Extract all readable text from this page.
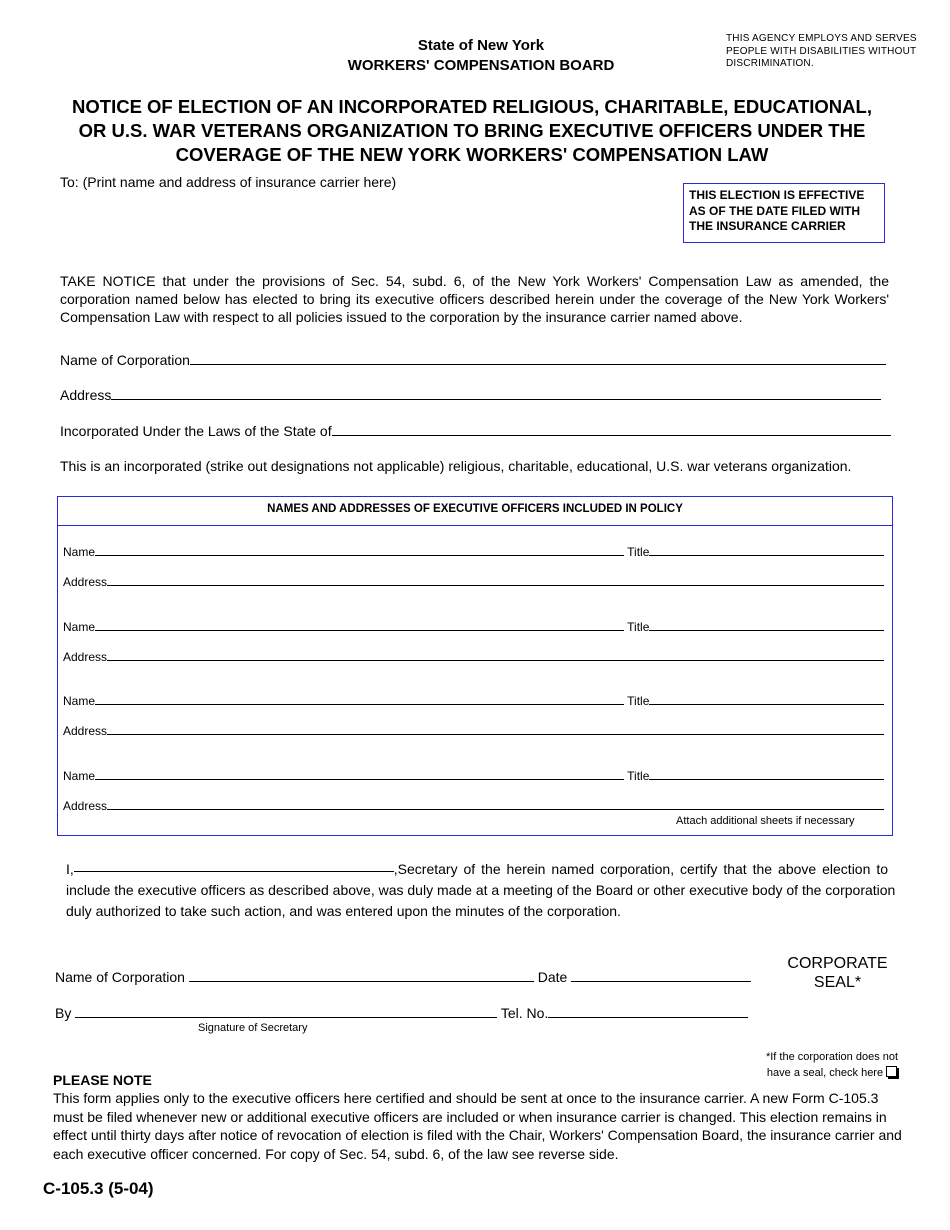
State of New York
WORKERS' COMPENSATION BOARD
THIS AGENCY EMPLOYS AND SERVES
PEOPLE WITH DISABILITIES WITHOUT
DISCRIMINATION.
NOTICE OF ELECTION OF AN INCORPORATED RELIGIOUS, CHARITABLE, EDUCATIONAL,
OR U.S. WAR VETERANS ORGANIZATION TO BRING EXECUTIVE OFFICERS UNDER THE
COVERAGE OF THE NEW YORK WORKERS' COMPENSATION LAW
To: (Print name and address of insurance carrier here)
THIS ELECTION IS EFFECTIVE
AS OF THE DATE FILED WITH
THE INSURANCE CARRIER
TAKE NOTICE that under the provisions of Sec. 54, subd. 6, of the New York Workers' Compensation Law as amended, the corporation named below has elected to bring its executive officers described herein under the coverage of the New York Workers' Compensation Law with respect to all policies issued to the corporation by the insurance carrier named above.
Name of Corporation
Address
Incorporated Under the Laws of the State of
This is an incorporated (strike out designations not applicable) religious, charitable, educational, U.S. war veterans organization.
NAMES AND ADDRESSES OF EXECUTIVE OFFICERS INCLUDED IN POLICY
Name	Title
Address
Name	Title
Address
Name	Title
Address
Name	Title
Address
Attach additional sheets if necessary
I,	,Secretary of the herein named corporation, certify that the above election to
include the executive officers as described above, was duly made at a meeting of the Board or other executive body of the corporation
duly authorized to take such action, and was entered upon the minutes of the corporation.
Name of Corporation	Date
By	Tel. No.
Signature of Secretary
CORPORATE
SEAL*
*If the corporation does not
have a seal, check here
PLEASE NOTE
This form applies only to the executive officers here certified and should be sent at once to the insurance carrier. A new Form C-105.3
must be filed whenever new or additional executive officers are included or when insurance carrier is changed. This election remains in
effect until thirty days after notice of revocation of election is filed with the Chair, Workers' Compensation Board, the insurance carrier and
each executive officer concerned. For copy of Sec. 54, subd. 6, of the law see reverse side.
C-105.3 (5-04)
